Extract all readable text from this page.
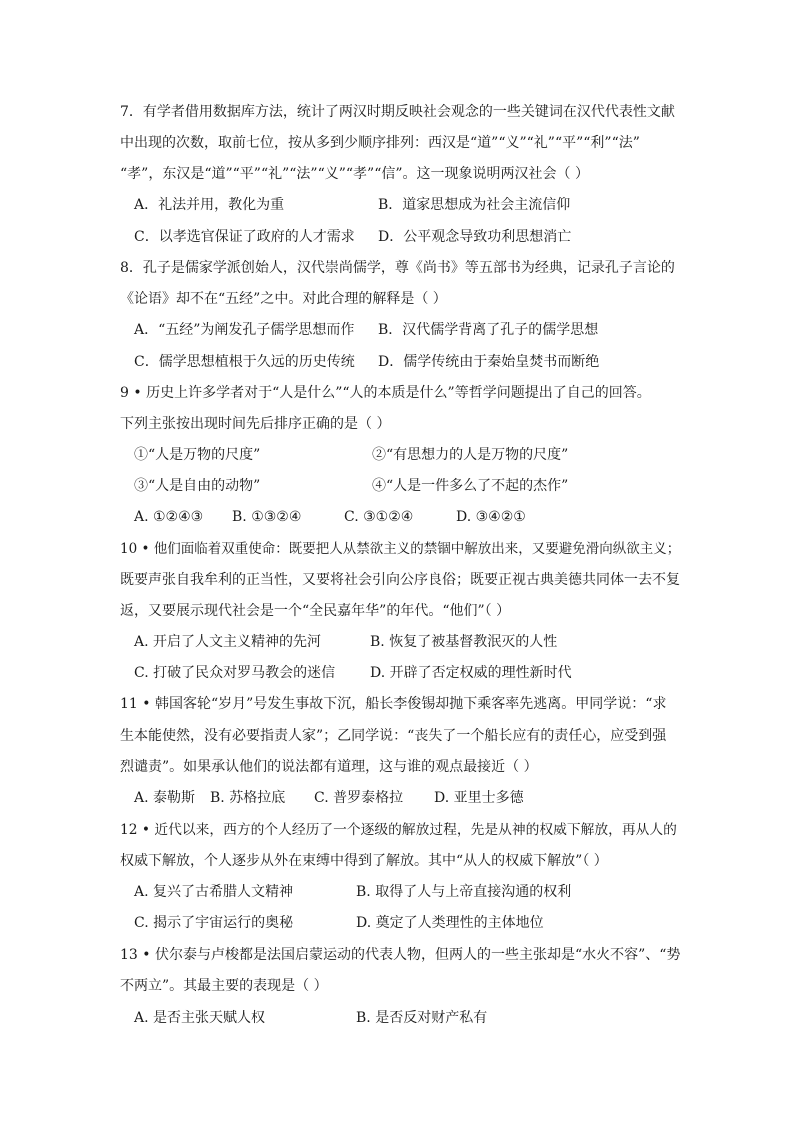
7．有学者借用数据库方法，统计了两汉时期反映社会观念的一些关键词在汉代代表性文献
中出现的次数，取前七位，按从多到少顺序排列：西汉是“道”“义”“礼”“平”“利”“法”
“孝”，东汉是“道”“平”“礼”“法”“义”“孝”“信”。这一现象说明两汉社会（ ）
A．礼法并用，教化为重	B．道家思想成为社会主流信仰
C．以孝选官保证了政府的人才需求 D．公平观念导致功利思想消亡
8．孔子是儒家学派创始人，汉代崇尚儒学，尊《尚书》等五部书为经典，记录孔子言论的
《论语》却不在“五经”之中。对此合理的解释是（ ）
A．“五经”为阐发孔子儒学思想而作 B．汉代儒学背离了孔子的儒学思想
C．儒学思想植根于久远的历史传统 D．儒学传统由于秦始皇焚书而断绝
9 • 历史上许多学者对于“人是什么”“人的本质是什么”等哲学问题提出了自己的回答。
下列主张按出现时间先后排序正确的是（ ）
①“人是万物的尺度”	②“有思想力的人是万物的尺度”
③“人是自由的动物”	④“人是一件多么了不起的杰作”
A. ①②④③ B. ①③②④	C. ③①②④	D. ③④②①
10 • 他们面临着双重使命：既要把人从禁欲主义的禁锢中解放出来，又要避免滑向纵欲主义；
既要声张自我牟利的正当性，又要将社会引向公序良俗；既要正视古典美德共同体一去不复
返，又要展示现代社会是一个“全民嘉年华”的年代。“他们”（ ）
A. 开启了人文主义精神的先河	B. 恢复了被基督教泯灭的人性
C. 打破了民众对罗马教会的迷信 D. 开辟了否定权威的理性新时代
11 • 韩国客轮“岁月”号发生事故下沉，船长李俊锡却抛下乘客率先逃离。甲同学说：“求
生本能使然，没有必要指责人家”；乙同学说：“丧失了一个船长应有的责任心，应受到强
烈谴责”。如果承认他们的说法都有道理，这与谁的观点最接近（ ）
A. 泰勒斯 B. 苏格拉底 C. 普罗泰格拉 D. 亚里士多德
12 • 近代以来，西方的个人经历了一个逐级的解放过程，先是从神的权威下解放，再从人的
权威下解放，个人逐步从外在束缚中得到了解放。其中“从人的权威下解放”（ ）
A. 复兴了古希腊人文精神	B. 取得了人与上帝直接沟通的权利
C. 揭示了宇宙运行的奥秘	D. 奠定了人类理性的主体地位
13 • 伏尔泰与卢梭都是法国启蒙运动的代表人物，但两人的一些主张却是“水火不容”、“势
不两立”。其最主要的表现是（ ）
A. 是否主张天赋人权	B. 是否反对财产私有
